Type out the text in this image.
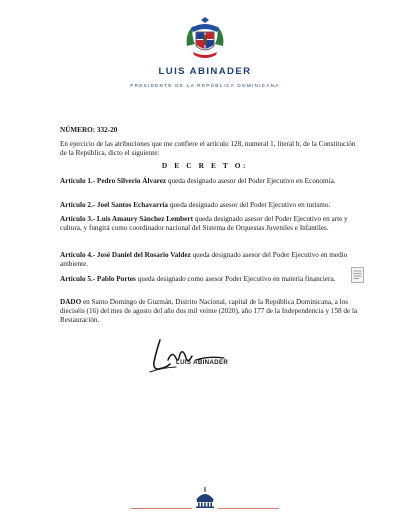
LUIS ABINADER
PRESIDENTE DE LA REPÚBLICA DOMINICANA
NÚMERO: 332-20
En ejercicio de las atribuciones que me confiere el artículo 128, numeral 1, literal b, de la Constitución de la República, dicto el siguiente:
D E C R E T O:
Artículo 1.- Pedro Silverio Álvarez queda designado asesor del Poder Ejecutivo en Economía.
Artículo 2.- Joel Santos Echavarría queda designado asesor del Poder Ejecutivo en turismo.
Artículo 3.- Luis Amaury Sánchez Lembert queda designado asesor del Poder Ejecutivo en arte y cultura, y fungirá como coordinador nacional del Sistema de Orquestas Juveniles e Infantiles.
Artículo 4.- José Daniel del Rosario Valdez queda designado asesor del Poder Ejecutivo en medio ambiente.
Artículo 5.- Pablo Portes queda designado como asesor Poder Ejecutivo en materia financiera.
DADO en Santo Domingo de Guzmán, Distrito Nacional, capital de la República Dominicana, a los dieciséis (16) del mes de agosto del año dos mil veinte (2020), año 177 de la Independencia y 158 de la Restauración.
LUIS ABINADER
